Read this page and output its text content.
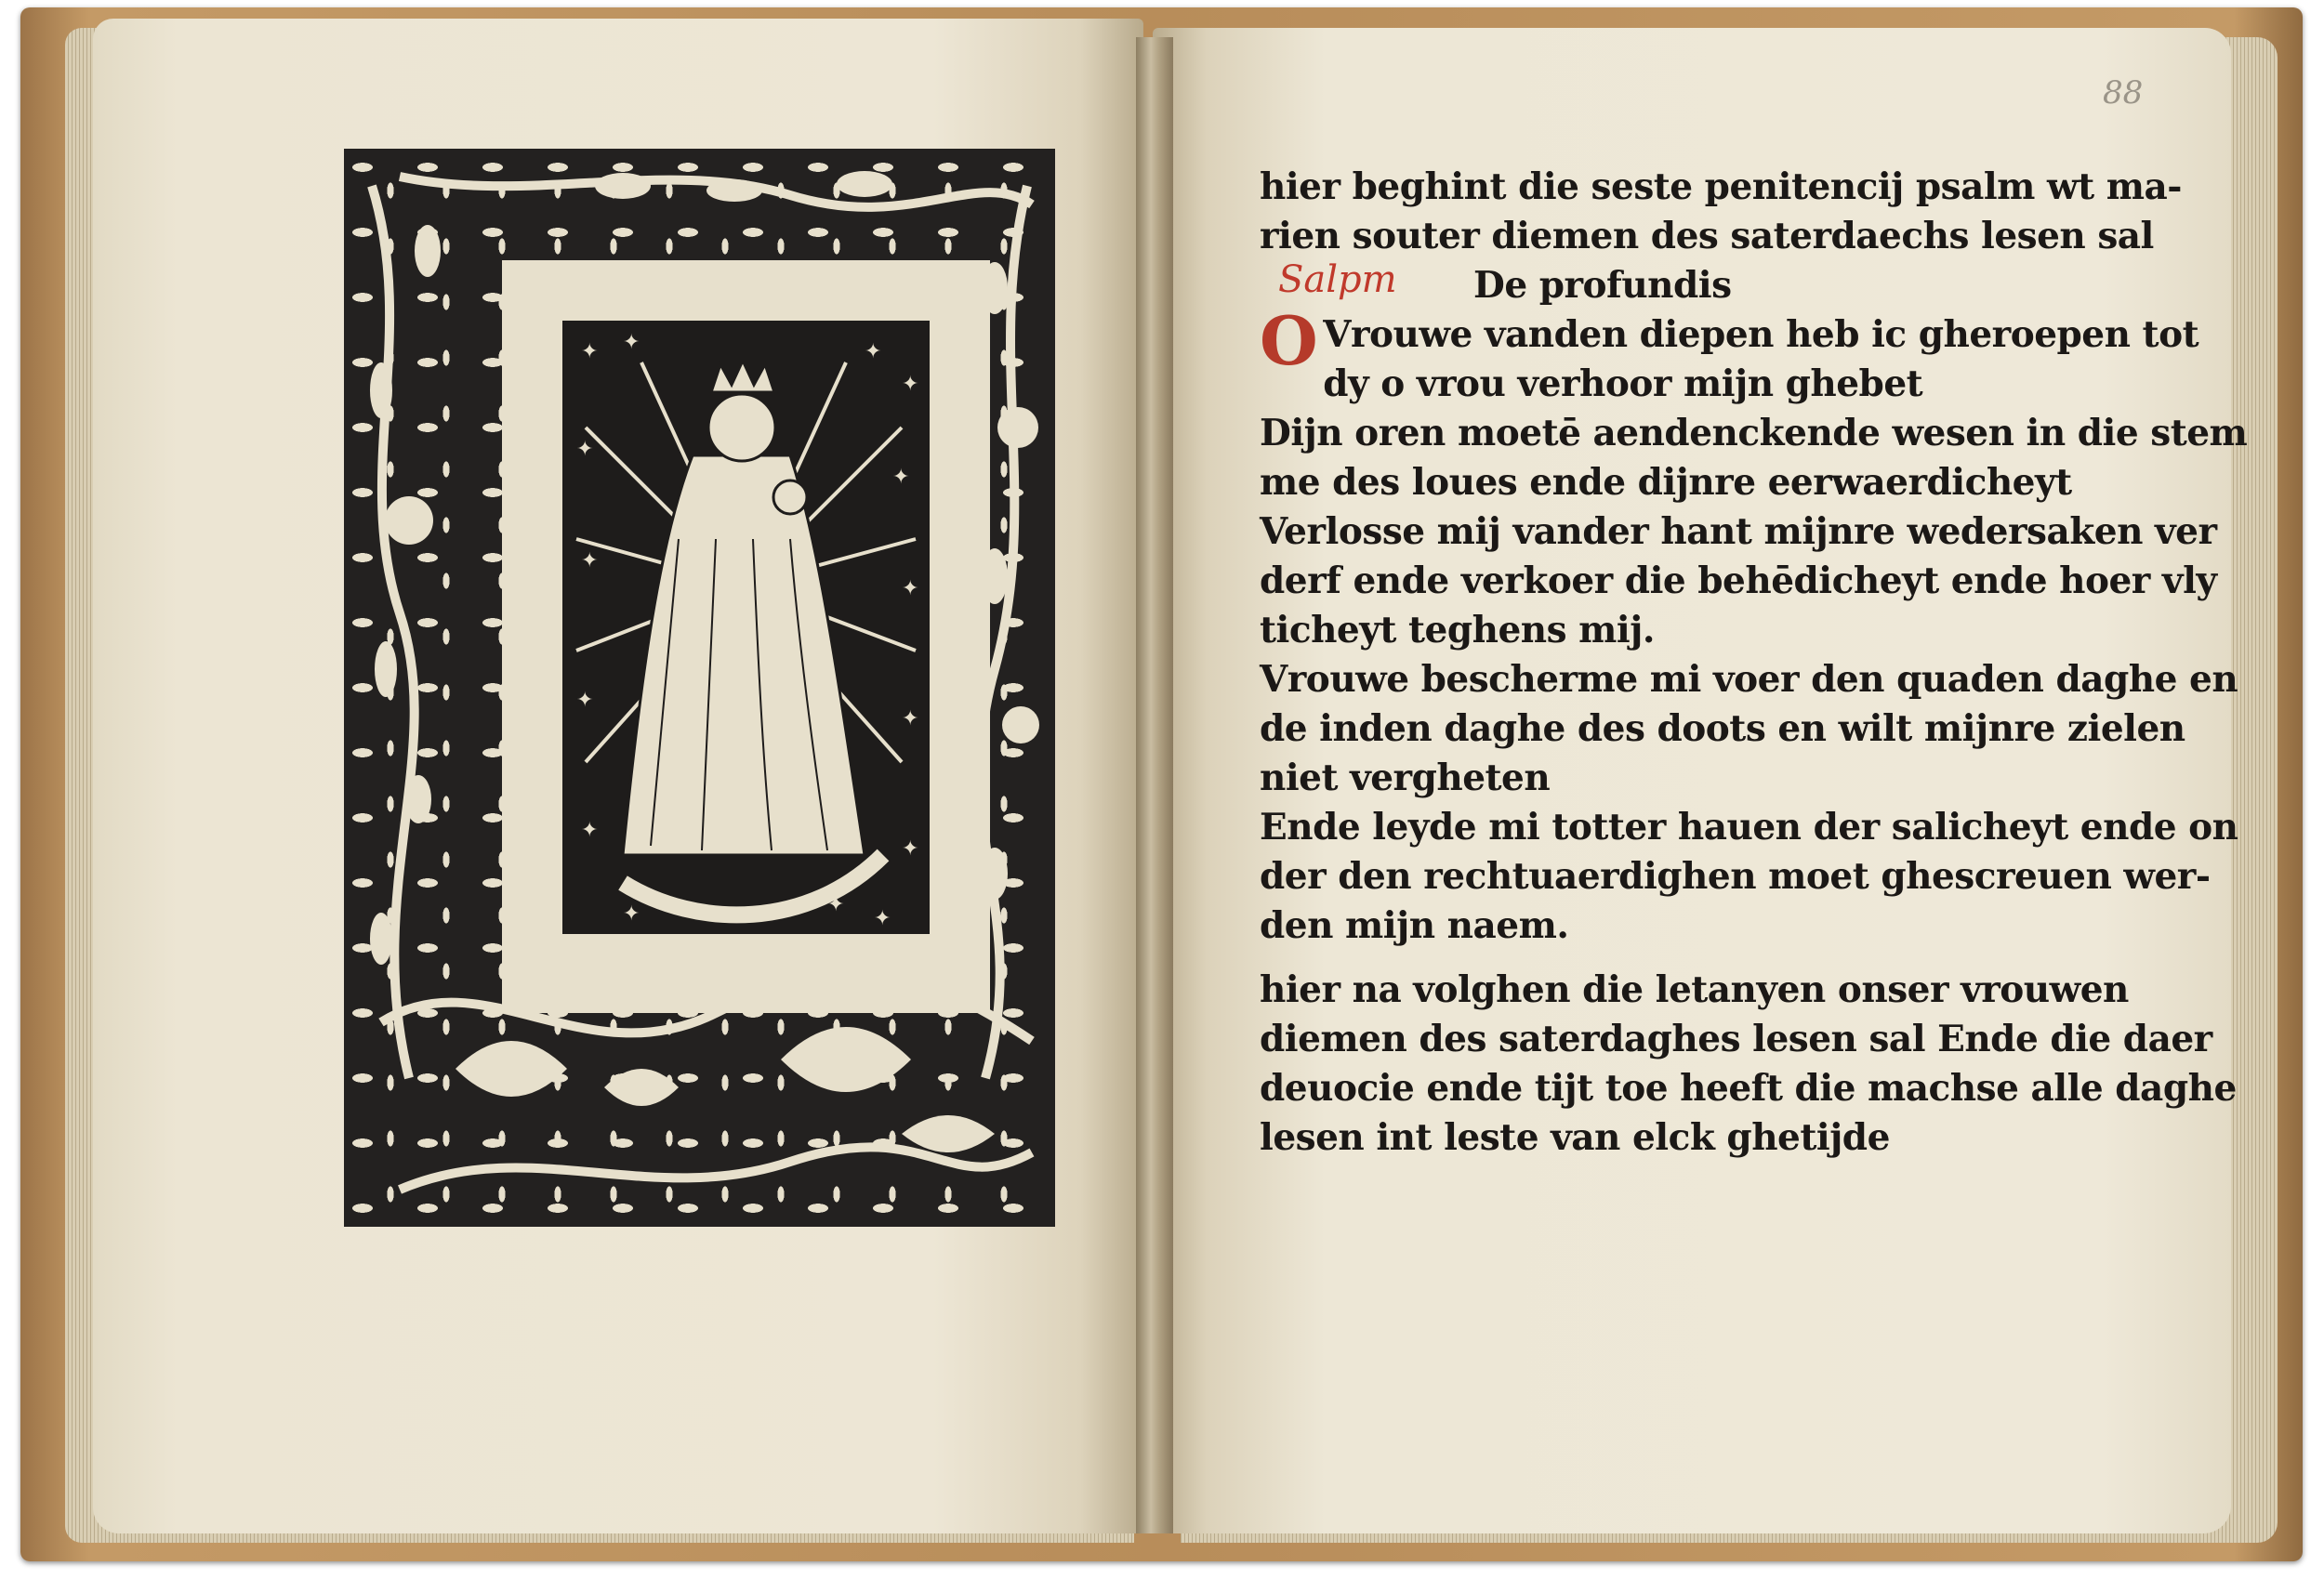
✦ ✦	✦
✦
✦
✦
✦
✦
✦
✦
✦
✦
✦	✦
✦
88
hier beghint die seste penitencij psalm wt ma-
rien souter diemen des saterdaechs lesen sal
De profundis
O Vrouwe vanden diepen heb ic gheroepen tot
dy o vrou verhoor mijn ghebet
Dijn oren moetē aendenckende wesen in die stem
me des loues ende dijnre eerwaerdicheyt
Verlosse mij vander hant mijnre wedersaken ver
derf ende verkoer die behēdicheyt ende hoer vly
ticheyt teghens mij.
Vrouwe bescherme mi voer den quaden daghe en
de inden daghe des doots en wilt mijnre zielen
niet vergheten
Ende leyde mi totter hauen der salicheyt ende on
der den rechtuaerdighen moet ghescreuen wer-
den mijn naem.
Salpm
hier na volghen die letanyen onser vrouwen
diemen des saterdaghes lesen sal Ende die daer
deuocie ende tijt toe heeft die machse alle daghe
lesen int leste van elck ghetijde
